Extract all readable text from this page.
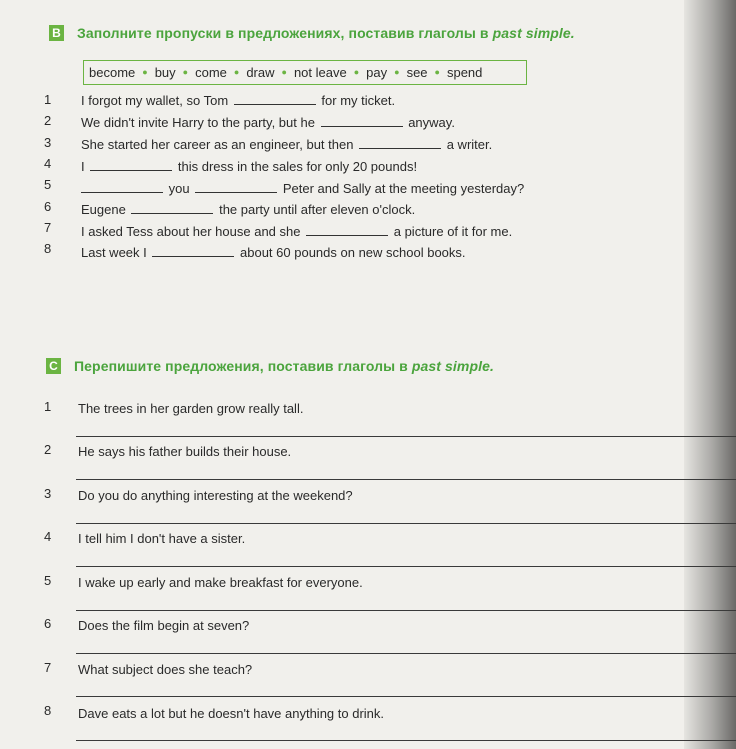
B Заполните пропуски в предложениях, поставив глаголы в past simple.
become ● buy ● come ● draw ● not leave ● pay ● see ● spend
1	I forgot my wallet, so Tom	for my ticket.
2	We didn't invite Harry to the party, but he	anyway.
3	She started her career as an engineer, but then	a writer.
4	I	this dress in the sales for only 20 pounds!
5	you	Peter and Sally at the meeting yesterday?
6	Eugene	the party until after eleven o'clock.
7	I asked Tess about her house and she	a picture of it for me.
8	Last week I	about 60 pounds on new school books.
C Перепишите предложения, поставив глаголы в past simple.
1	The trees in her garden grow really tall.
2	He says his father builds their house.
3	Do you do anything interesting at the weekend?
4	I tell him I don't have a sister.
5	I wake up early and make breakfast for everyone.
6	Does the film begin at seven?
7	What subject does she teach?
8	Dave eats a lot but he doesn't have anything to drink.
